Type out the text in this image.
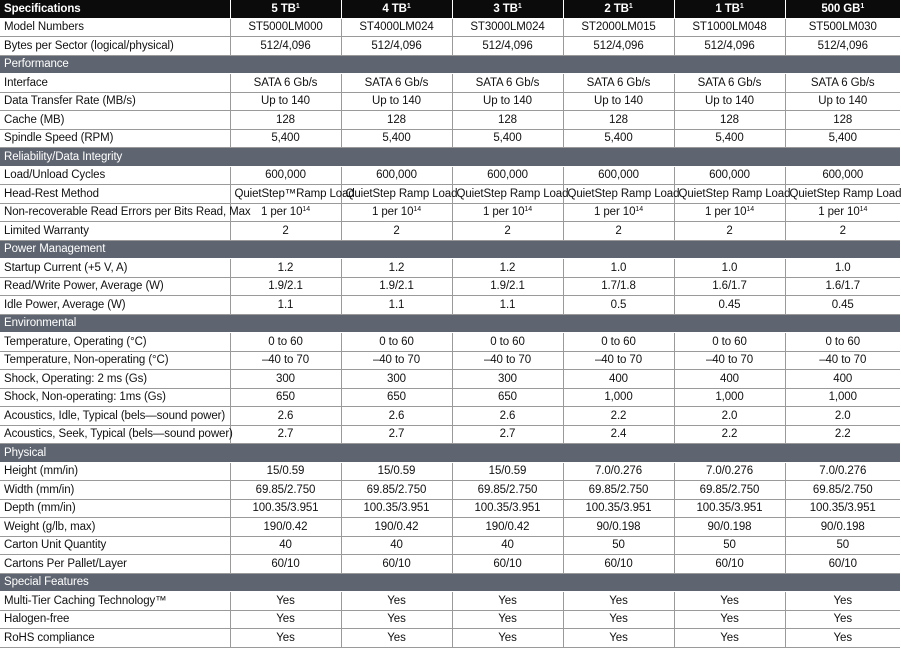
Specifications	5 $TB^1$	4 $TB^1$	3 $TB^1$	2 $TB^1$	1 $TB^1$	500 $GB^1$
Model Numbers	ST5000LM000	ST4000LM024	ST3000LM024	ST2000LM015	ST1000LM048	ST500LM030
Bytes per Sector (logical/physical)	512/4,096	512/4,096	512/4,096	512/4,096	512/4,096	512/4,096
Performance						
Interface	SATA 6 Gb/s	SATA 6 Gb/s	SATA 6 Gb/s	SATA 6 Gb/s	SATA 6 Gb/s	SATA 6 Gb/s
Data Transfer Rate (MB/s)	Up to 140	Up to 140	Up to 140	Up to 140	Up to 140	Up to 140
Cache (MB)	128	128	128	128	128	128
Spindle Speed (RPM)	5,400	5,400	5,400	5,400	5,400	5,400
Reliability/Data Integrity						
Load/Unload Cycles	600,000	600,000	600,000	600,000	600,000	600,000
Head-Rest Method	QuietStep™Ramp Load	QuietStep Ramp Load	QuietStep Ramp Load	QuietStep Ramp Load	QuietStep Ramp Load	QuietStep Ramp Load
Non-recoverable Read Errors per Bits Read, Max	1 per $10^{14}$	1 per $10^{14}$	1 per $10^{14}$	1 per $10^{14}$	1 per $10^{14}$	1 per $10^{14}$
Limited Warranty	2	2	2	2	2	2
Power Management						
Startup Current (+5 V, A)	1.2	1.2	1.2	1.0	1.0	1.0
Read/Write Power, Average (W)	1.9/2.1	1.9/2.1	1.9/2.1	1.7/1.8	1.6/1.7	1.6/1.7
Idle Power, Average (W)	1.1	1.1	1.1	0.5	0.45	0.45
Environmental						
Temperature, Operating (°C)	0 to 60	0 to 60	0 to 60	0 to 60	0 to 60	0 to 60
Temperature, Non-operating (°C)	–40 to 70	–40 to 70	–40 to 70	–40 to 70	–40 to 70	–40 to 70
Shock, Operating: 2 ms (Gs)	300	300	300	400	400	400
Shock, Non-operating: 1ms (Gs)	650	650	650	1,000	1,000	1,000
Acoustics, Idle, Typical (bels—sound power)	2.6	2.6	2.6	2.2	2.0	2.0
Acoustics, Seek, Typical (bels—sound power)	2.7	2.7	2.7	2.4	2.2	2.2
Physical						
Height (mm/in)	15/0.59	15/0.59	15/0.59	7.0/0.276	7.0/0.276	7.0/0.276
Width (mm/in)	69.85/2.750	69.85/2.750	69.85/2.750	69.85/2.750	69.85/2.750	69.85/2.750
Depth (mm/in)	100.35/3.951	100.35/3.951	100.35/3.951	100.35/3.951	100.35/3.951	100.35/3.951
Weight (g/lb, max)	190/0.42	190/0.42	190/0.42	90/0.198	90/0.198	90/0.198
Carton Unit Quantity	40	40	40	50	50	50
Cartons Per Pallet/Layer	60/10	60/10	60/10	60/10	60/10	60/10
Special Features						
Multi-Tier Caching Technology™	Yes	Yes	Yes	Yes	Yes	Yes
Halogen-free	Yes	Yes	Yes	Yes	Yes	Yes
RoHS compliance	Yes	Yes	Yes	Yes	Yes	Yes
